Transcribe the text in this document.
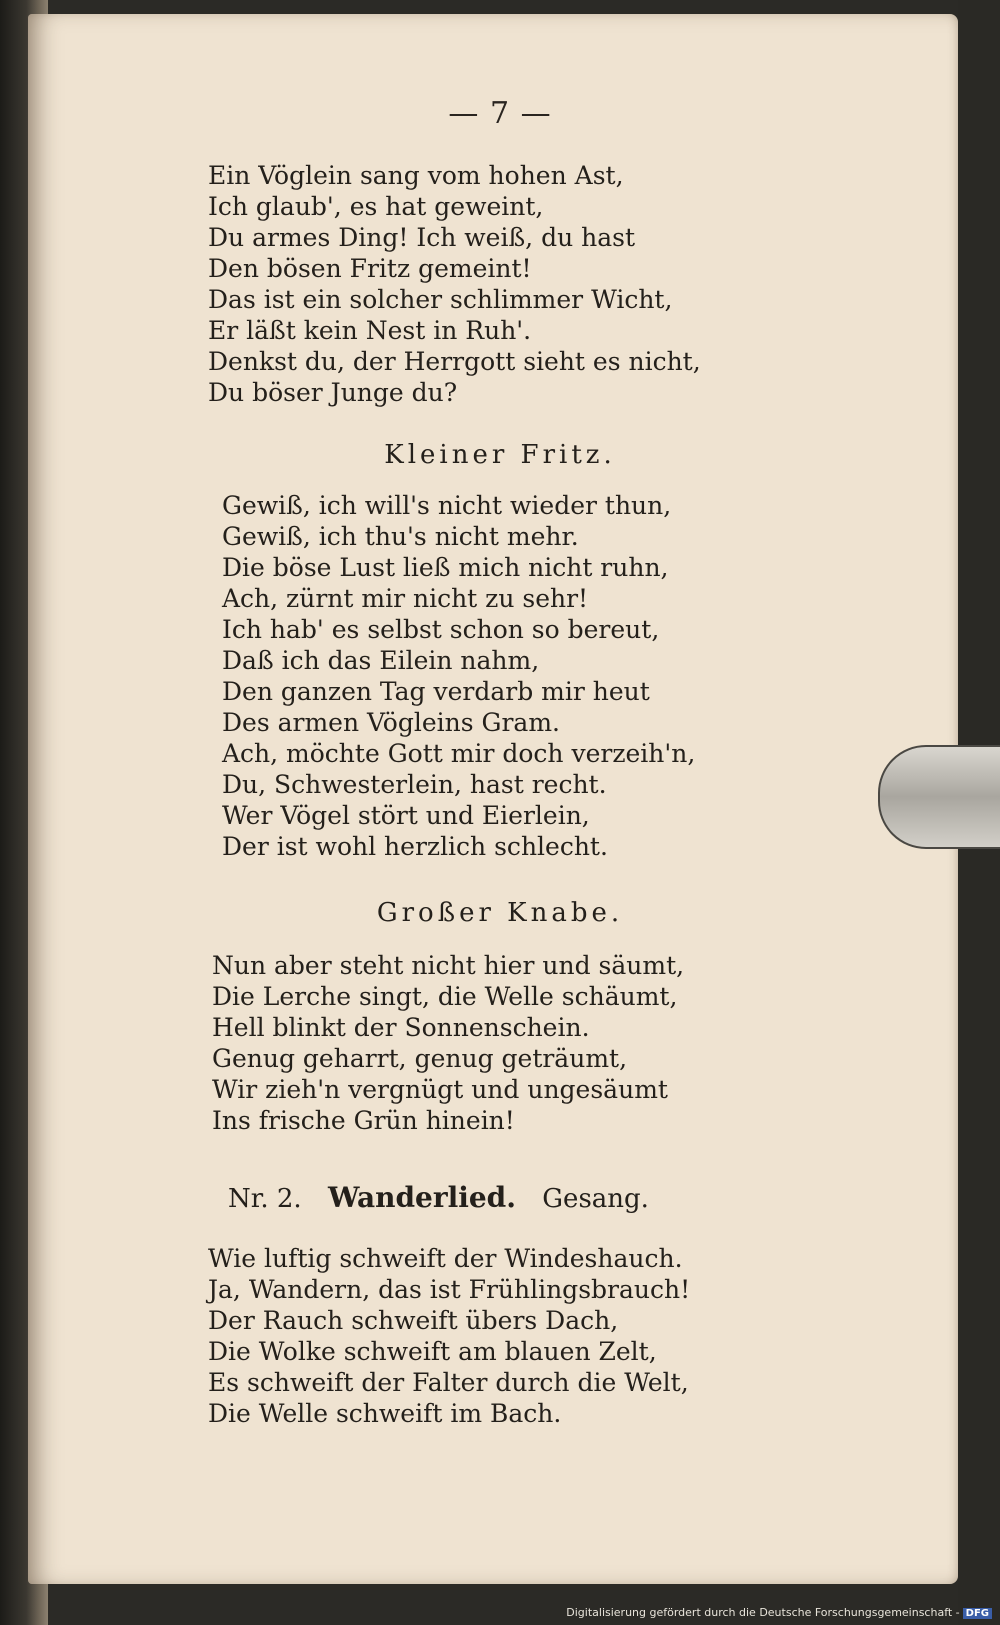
— 7 —
Ein Vöglein sang vom hohen Ast,
Ich glaub', es hat geweint,
Du armes Ding! Ich weiß, du hast
Den bösen Fritz gemeint!
Das ist ein solcher schlimmer Wicht,
Er läßt kein Nest in Ruh'.
Denkst du, der Herrgott sieht es nicht,
Du böser Junge du?
Kleiner Fritz.
Gewiß, ich will's nicht wieder thun,
Gewiß, ich thu's nicht mehr.
Die böse Lust ließ mich nicht ruhn,
Ach, zürnt mir nicht zu sehr!
Ich hab' es selbst schon so bereut,
Daß ich das Eilein nahm,
Den ganzen Tag verdarb mir heut
Des armen Vögleins Gram.
Ach, möchte Gott mir doch verzeih'n,
Du, Schwesterlein, hast recht.
Wer Vögel stört und Eierlein,
Der ist wohl herzlich schlecht.
Großer Knabe.
Nun aber steht nicht hier und säumt,
Die Lerche singt, die Welle schäumt,
Hell blinkt der Sonnenschein.
Genug geharrt, genug geträumt,
Wir zieh'n vergnügt und ungesäumt
Ins frische Grün hinein!
Nr. 2. Wanderlied. Gesang.
Wie luftig schweift der Windeshauch.
Ja, Wandern, das ist Frühlingsbrauch!
Der Rauch schweift übers Dach,
Die Wolke schweift am blauen Zelt,
Es schweift der Falter durch die Welt,
Die Welle schweift im Bach.
Digitalisierung gefördert durch die Deutsche Forschungsgemeinschaft - DFG
